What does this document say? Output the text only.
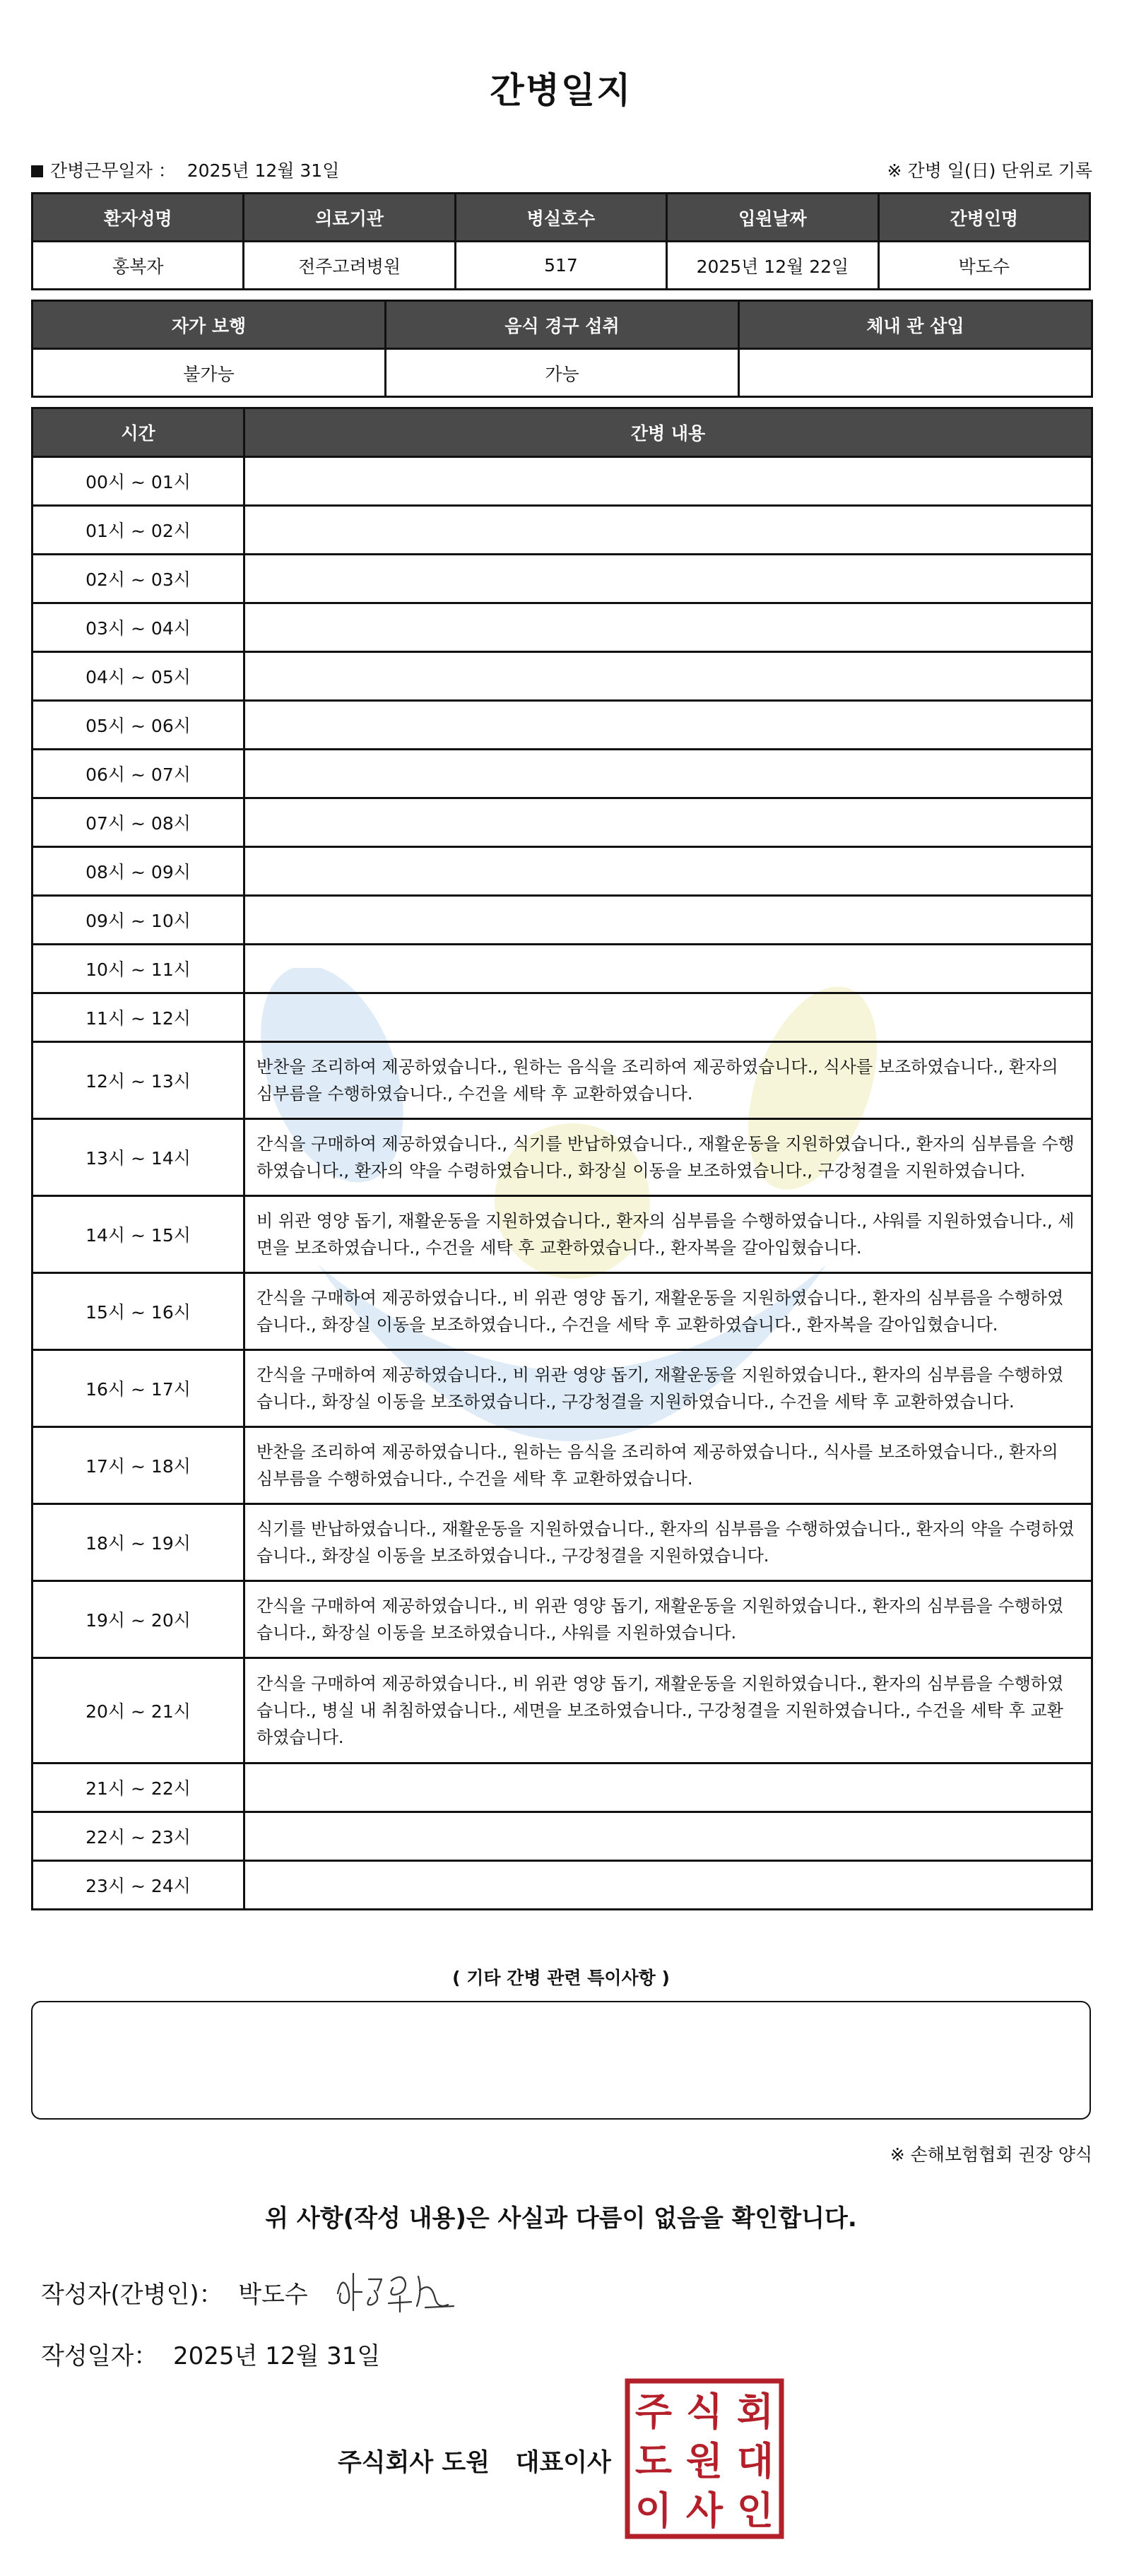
간병일지
간병근무일자 ： 2025년 12월 31일	※ 간병 일(日) 단위로 기록
환자성명	의료기관	병실호수	입원날짜	간병인명
홍복자	전주고려병원	517	2025년 12월 22일	박도수
자가 보행	음식 경구 섭취	체내 관 삽입
불가능	가능	
시간	간병 내용
00시 ~ 01시	
01시 ~ 02시	
02시 ~ 03시	
03시 ~ 04시	
04시 ~ 05시	
05시 ~ 06시	
06시 ~ 07시	
07시 ~ 08시	
08시 ~ 09시	
09시 ~ 10시	
10시 ~ 11시	
11시 ~ 12시	
12시 ~ 13시	반찬을 조리하여 제공하였습니다., 원하는 음식을 조리하여 제공하였습니다., 식사를 보조하였습니다., 환자의 심부름을 수행하였습니다., 수건을 세탁 후 교환하였습니다.
13시 ~ 14시	간식을 구매하여 제공하였습니다., 식기를 반납하였습니다., 재활운동을 지원하였습니다., 환자의 심부름을 수행하였습니다., 환자의 약을 수령하였습니다., 화장실 이동을 보조하였습니다., 구강청결을 지원하였습니다.
14시 ~ 15시	비 위관 영양 돕기, 재활운동을 지원하였습니다., 환자의 심부름을 수행하였습니다., 샤워를 지원하였습니다., 세면을 보조하였습니다., 수건을 세탁 후 교환하였습니다., 환자복을 갈아입혔습니다.
15시 ~ 16시	간식을 구매하여 제공하였습니다., 비 위관 영양 돕기, 재활운동을 지원하였습니다., 환자의 심부름을 수행하였습니다., 화장실 이동을 보조하였습니다., 수건을 세탁 후 교환하였습니다., 환자복을 갈아입혔습니다.
16시 ~ 17시	간식을 구매하여 제공하였습니다., 비 위관 영양 돕기, 재활운동을 지원하였습니다., 환자의 심부름을 수행하였습니다., 화장실 이동을 보조하였습니다., 구강청결을 지원하였습니다., 수건을 세탁 후 교환하였습니다.
17시 ~ 18시	반찬을 조리하여 제공하였습니다., 원하는 음식을 조리하여 제공하였습니다., 식사를 보조하였습니다., 환자의 심부름을 수행하였습니다., 수건을 세탁 후 교환하였습니다.
18시 ~ 19시	식기를 반납하였습니다., 재활운동을 지원하였습니다., 환자의 심부름을 수행하였습니다., 환자의 약을 수령하였습니다., 화장실 이동을 보조하였습니다., 구강청결을 지원하였습니다.
19시 ~ 20시	간식을 구매하여 제공하였습니다., 비 위관 영양 돕기, 재활운동을 지원하였습니다., 환자의 심부름을 수행하였습니다., 화장실 이동을 보조하였습니다., 샤워를 지원하였습니다.
20시 ~ 21시	간식을 구매하여 제공하였습니다., 비 위관 영양 돕기, 재활운동을 지원하였습니다., 환자의 심부름을 수행하였습니다., 병실 내 취침하였습니다., 세면을 보조하였습니다., 구강청결을 지원하였습니다., 수건을 세탁 후 교환하였습니다.
21시 ~ 22시	
22시 ~ 23시	
23시 ~ 24시	
( 기타 간병 관련 특이사항 )
※ 손해보험협회 권장 양식
위 사항(작성 내용)은 사실과 다름이 없음을 확인합니다.
작성자(간병인)： 박도수
작성일자： 2025년 12월 31일
주식회사 도원   대표이사
주 식 회
도 원 대
이 사 인
